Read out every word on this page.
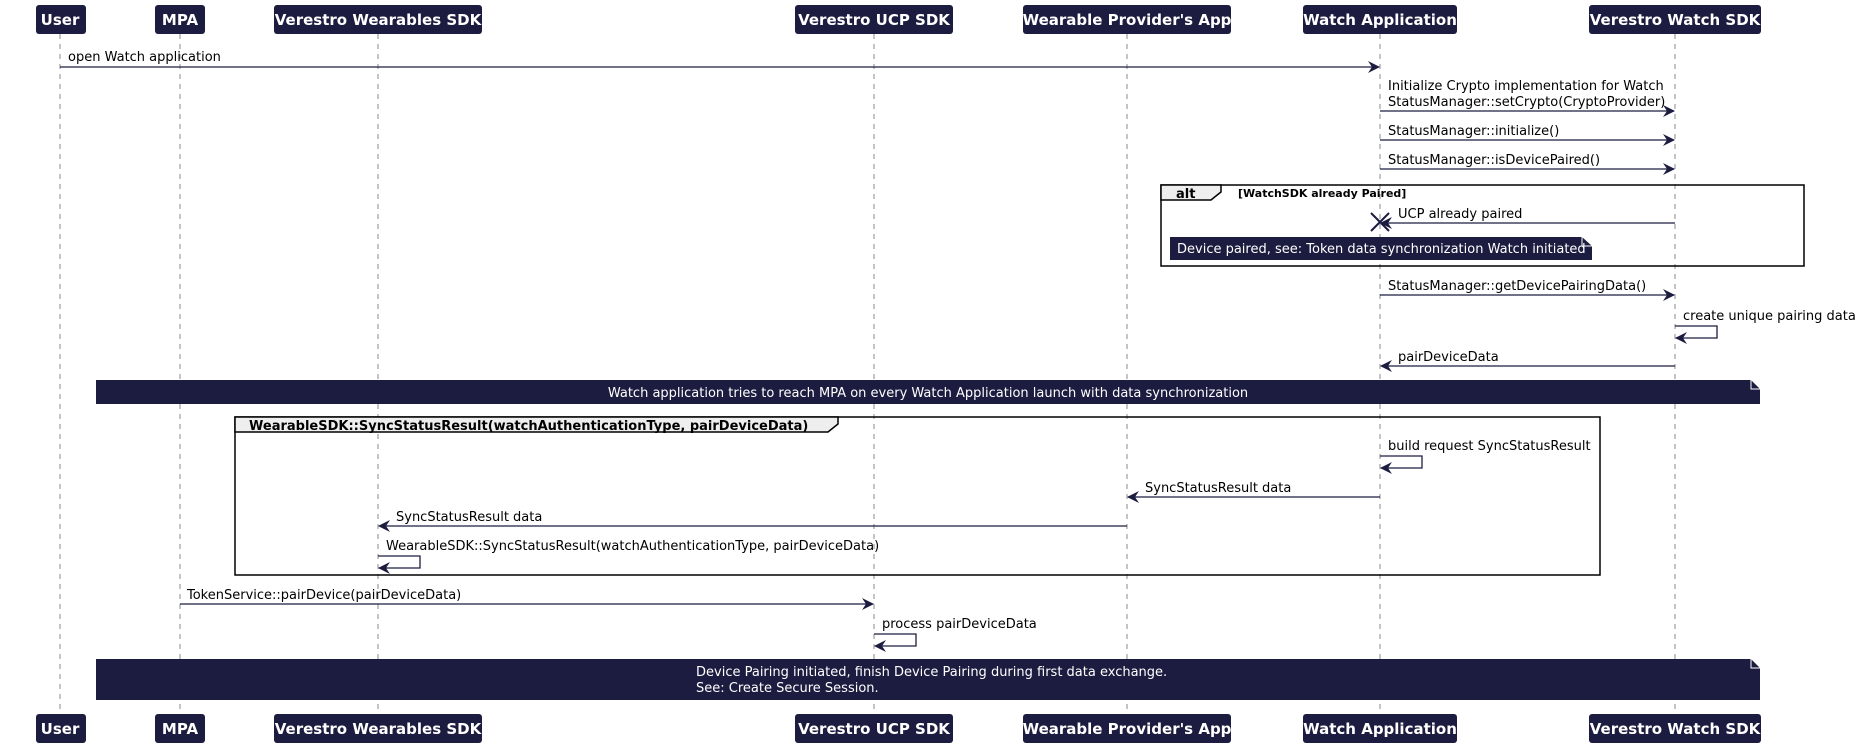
User	MPA	Verestro Wearables SDK	Verestro UCP SDK	Wearable Provider's App	Watch Application	Verestro Watch SDK
User	MPA	Verestro Wearables SDK	Verestro UCP SDK	Wearable Provider's App	Watch Application	Verestro Watch SDK
open Watch application
Initialize Crypto implementation for Watch
StatusManager::setCrypto(CryptoProvider)
StatusManager::initialize()
StatusManager::isDevicePaired()
alt	[WatchSDK already Paired]
UCP already paired
Device paired, see: Token data synchronization Watch initiated
StatusManager::getDevicePairingData()
create unique pairing data
pairDeviceData
Watch application tries to reach MPA on every Watch Application launch with data synchronization
WearableSDK::SyncStatusResult(watchAuthenticationType, pairDeviceData)
build request SyncStatusResult
SyncStatusResult data
SyncStatusResult data
WearableSDK::SyncStatusResult(watchAuthenticationType, pairDeviceData)
TokenService::pairDevice(pairDeviceData)
process pairDeviceData
Device Pairing initiated, finish Device Pairing during first data exchange.
See: Create Secure Session.
